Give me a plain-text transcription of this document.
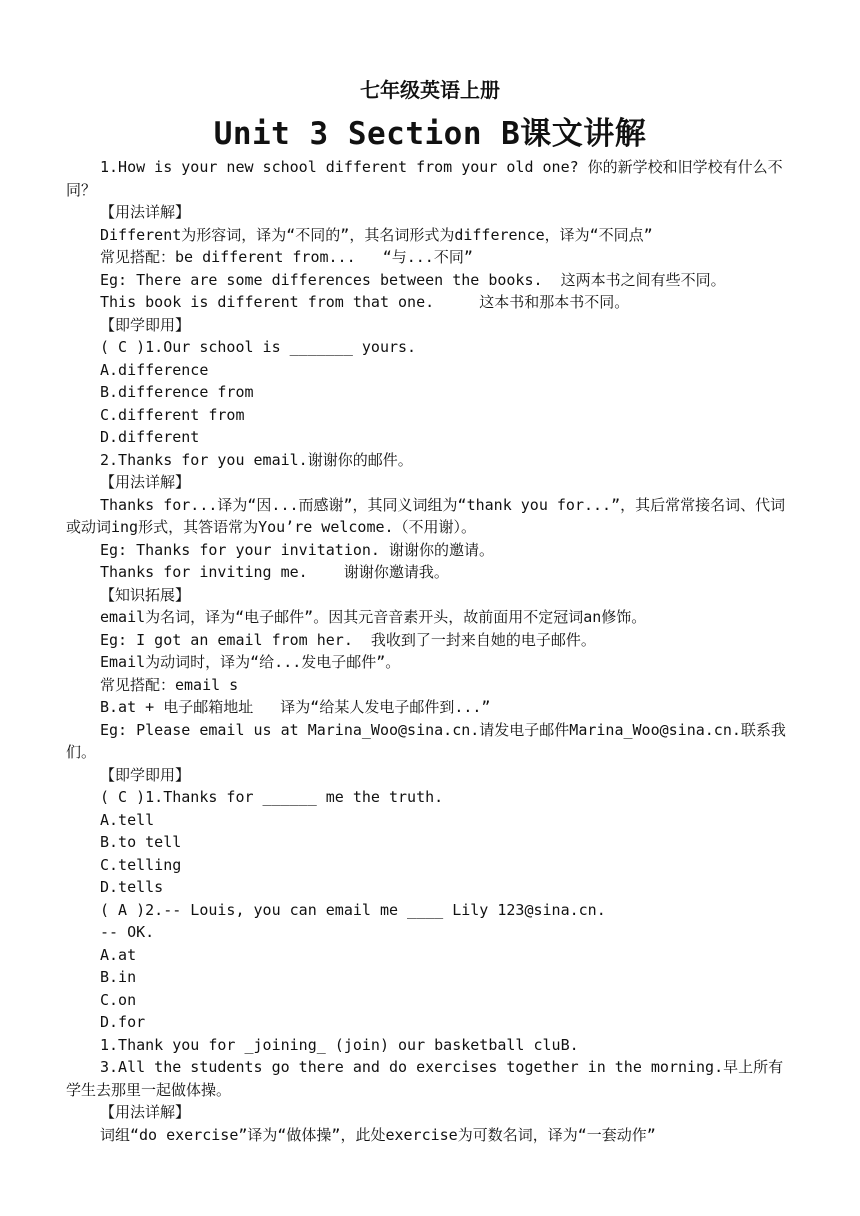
七年级英语上册
Unit 3 Section B课文讲解
1.How is your new school different from your old one? 你的新学校和旧学校有什么不同？
【用法详解】
Different为形容词，译为“不同的”，其名词形式为difference，译为“不同点”
常见搭配：be different from...   “与...不同”
Eg: There are some differences between the books.  这两本书之间有些不同。
This book is different from that one.     这本书和那本书不同。
【即学即用】
( C )1.Our school is _______ yours.
A.difference
B.difference from
C.different from
D.different
2.Thanks for you email.谢谢你的邮件。
【用法详解】
Thanks for...译为“因...而感谢”，其同义词组为“thank you for...”，其后常常接名词、代词或动词ing形式，其答语常为You’re welcome.（不用谢）。
Eg: Thanks for your invitation. 谢谢你的邀请。
Thanks for inviting me.    谢谢你邀请我。
【知识拓展】
email为名词，译为“电子邮件”。因其元音音素开头，故前面用不定冠词an修饰。
Eg: I got an email from her.  我收到了一封来自她的电子邮件。
Email为动词时，译为“给...发电子邮件”。
常见搭配：email s
B.at + 电子邮箱地址   译为“给某人发电子邮件到...”
Eg: Please email us at Marina_Woo@sina.cn.请发电子邮件Marina_Woo@sina.cn.联系我们。
【即学即用】
( C )1.Thanks for ______ me the truth.
A.tell
B.to tell
C.telling
D.tells
( A )2.-- Louis, you can email me ____ Lily 123@sina.cn.
-- OK.
A.at
B.in
C.on
D.for
1.Thank you for _joining_ (join) our basketball cluB.
3.All the students go there and do exercises together in the morning.早上所有学生去那里一起做体操。
【用法详解】
词组“do exercise”译为“做体操”，此处exercise为可数名词，译为“一套动作”
